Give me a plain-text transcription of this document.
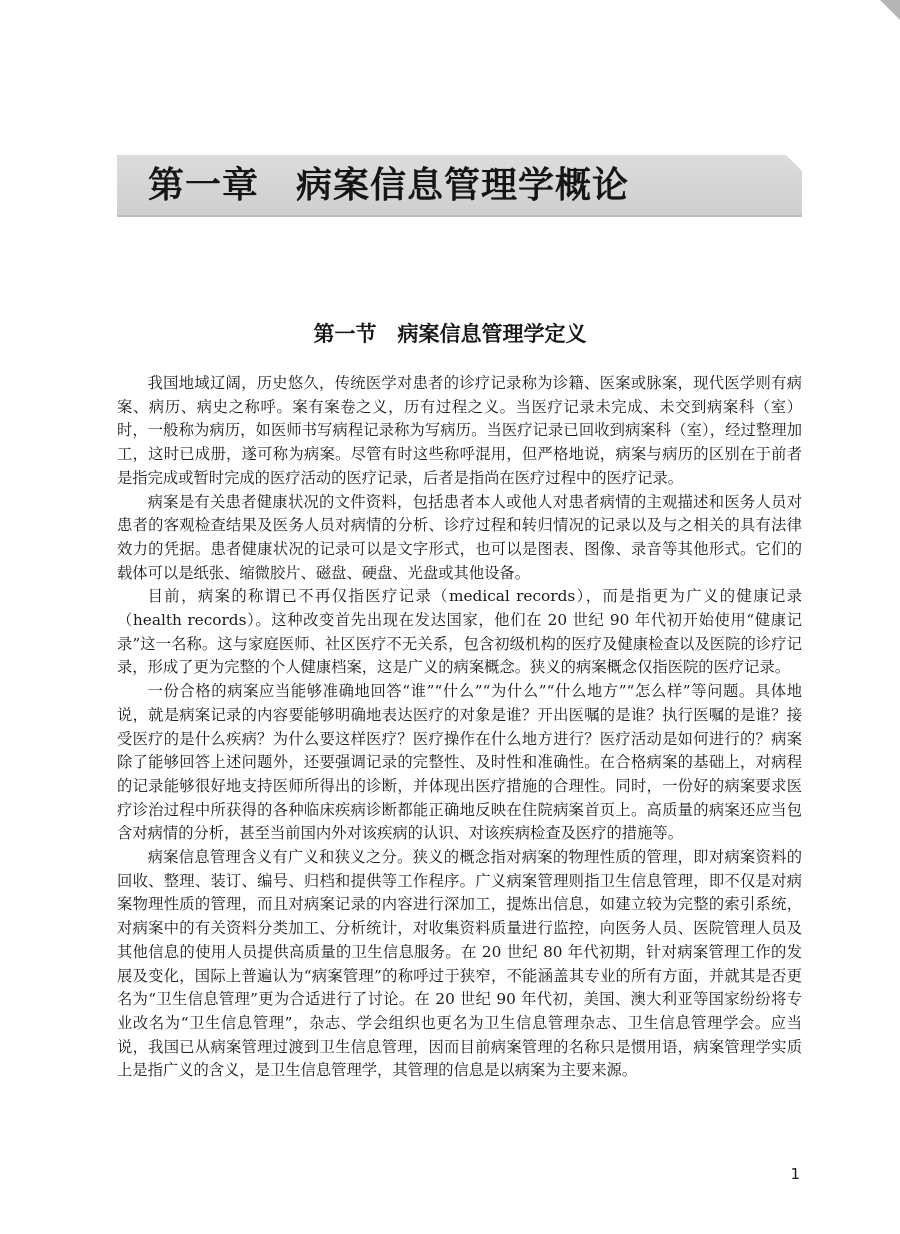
第一章　病案信息管理学概论
第一节　病案信息管理学定义

我国地域辽阔，历史悠久，传统医学对患者的诊疗记录称为诊籍、医案或脉案，现代医学则有病案、病历、病史之称呼。案有案卷之义，历有过程之义。当医疗记录未完成、未交到病案科（室）时，一般称为病历，如医师书写病程记录称为写病历。当医疗记录已回收到病案科（室），经过整理加工，这时已成册，遂可称为病案。尽管有时这些称呼混用，但严格地说，病案与病历的区别在于前者是指完成或暂时完成的医疗活动的医疗记录，后者是指尚在医疗过程中的医疗记录。

病案是有关患者健康状况的文件资料，包括患者本人或他人对患者病情的主观描述和医务人员对患者的客观检查结果及医务人员对病情的分析、诊疗过程和转归情况的记录以及与之相关的具有法律效力的凭据。患者健康状况的记录可以是文字形式，也可以是图表、图像、录音等其他形式。它们的载体可以是纸张、缩微胶片、磁盘、硬盘、光盘或其他设备。

目前，病案的称谓已不再仅指医疗记录（medical records），而是指更为广义的健康记录（health records）。这种改变首先出现在发达国家，他们在 20 世纪 90 年代初开始使用“健康记录”这一名称。这与家庭医师、社区医疗不无关系，包含初级机构的医疗及健康检查以及医院的诊疗记录，形成了更为完整的个人健康档案，这是广义的病案概念。狭义的病案概念仅指医院的医疗记录。

一份合格的病案应当能够准确地回答“谁”“什么”“为什么”“什么地方”“怎么样”等问题。具体地说，就是病案记录的内容要能够明确地表达医疗的对象是谁？开出医嘱的是谁？执行医嘱的是谁？接受医疗的是什么疾病？为什么要这样医疗？医疗操作在什么地方进行？医疗活动是如何进行的？病案除了能够回答上述问题外，还要强调记录的完整性、及时性和准确性。在合格病案的基础上，对病程的记录能够很好地支持医师所得出的诊断，并体现出医疗措施的合理性。同时，一份好的病案要求医疗诊治过程中所获得的各种临床疾病诊断都能正确地反映在住院病案首页上。高质量的病案还应当包含对病情的分析，甚至当前国内外对该疾病的认识、对该疾病检查及医疗的措施等。

病案信息管理含义有广义和狭义之分。狭义的概念指对病案的物理性质的管理，即对病案资料的回收、整理、装订、编号、归档和提供等工作程序。广义病案管理则指卫生信息管理，即不仅是对病案物理性质的管理，而且对病案记录的内容进行深加工，提炼出信息，如建立较为完整的索引系统，对病案中的有关资料分类加工、分析统计，对收集资料质量进行监控，向医务人员、医院管理人员及其他信息的使用人员提供高质量的卫生信息服务。在 20 世纪 80 年代初期，针对病案管理工作的发展及变化，国际上普遍认为“病案管理”的称呼过于狭窄，不能涵盖其专业的所有方面，并就其是否更名为“卫生信息管理”更为合适进行了讨论。在 20 世纪 90 年代初，美国、澳大利亚等国家纷纷将专业改名为“卫生信息管理”，杂志、学会组织也更名为卫生信息管理杂志、卫生信息管理学会。应当说，我国已从病案管理过渡到卫生信息管理，因而目前病案管理的名称只是惯用语，病案管理学实质上是指广义的含义，是卫生信息管理学，其管理的信息是以病案为主要来源。

1
